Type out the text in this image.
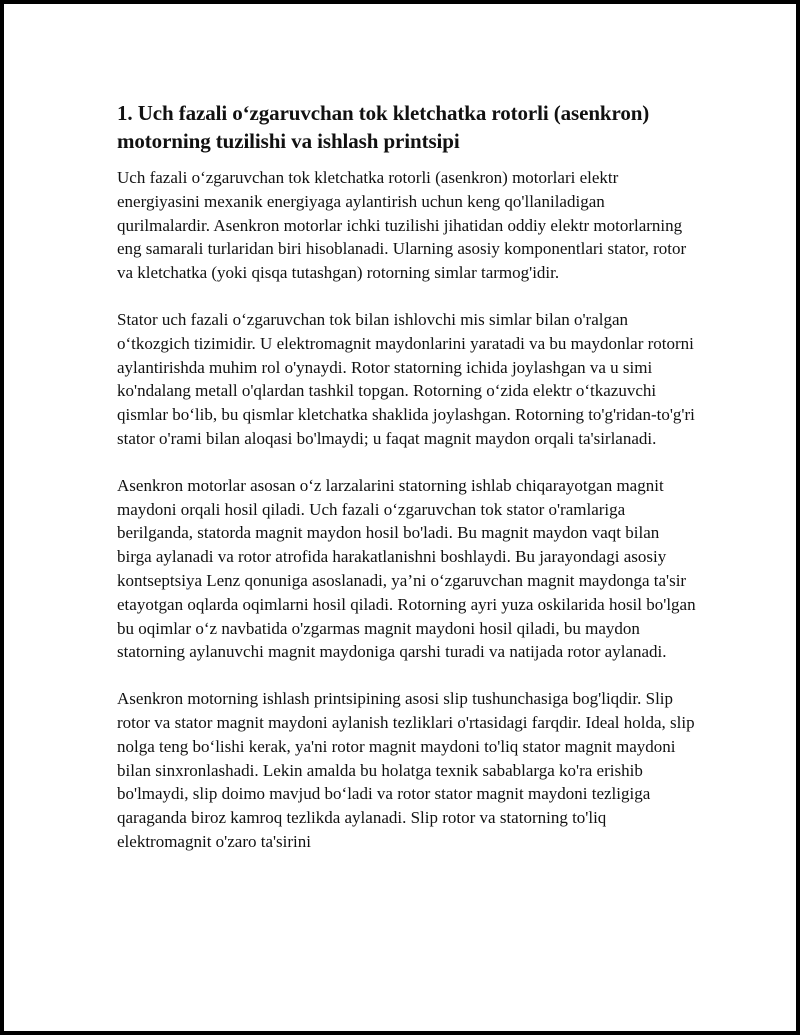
1. Uch fazali o‘zgaruvchan tok kletchatka rotorli (asenkron) motorning tuzilishi va ishlash printsipi

Uch fazali o‘zgaruvchan tok kletchatka rotorli (asenkron) motorlari elektr energiyasini mexanik energiyaga aylantirish uchun keng qo'llaniladigan qurilmalardir. Asenkron motorlar ichki tuzilishi jihatidan oddiy elektr motorlarning eng samarali turlaridan biri hisoblanadi. Ularning asosiy komponentlari stator, rotor va kletchatka (yoki qisqa tutashgan) rotorning simlar tarmog'idir.

Stator uch fazali o‘zgaruvchan tok bilan ishlovchi mis simlar bilan o'ralgan o‘tkozgich tizimidir. U elektromagnit maydonlarini yaratadi va bu maydonlar rotorni aylantirishda muhim rol o'ynaydi. Rotor statorning ichida joylashgan va u simi ko'ndalang metall o'qlardan tashkil topgan. Rotorning o‘zida elektr o‘tkazuvchi qismlar bo‘lib, bu qismlar kletchatka shaklida joylashgan. Rotorning to'g'ridan-to'g'ri stator o'rami bilan aloqasi bo'lmaydi; u faqat magnit maydon orqali ta'sirlanadi.

Asenkron motorlar asosan o‘z larzalarini statorning ishlab chiqarayotgan magnit maydoni orqali hosil qiladi. Uch fazali o‘zgaruvchan tok stator o'ramlariga berilganda, statorda magnit maydon hosil bo'ladi. Bu magnit maydon vaqt bilan birga aylanadi va rotor atrofida harakatlanishni boshlaydi. Bu jarayondagi asosiy kontseptsiya Lenz qonuniga asoslanadi, ya’ni o‘zgaruvchan magnit maydonga ta'sir etayotgan oqlarda oqimlarni hosil qiladi. Rotorning ayri yuza oskilarida hosil bo'lgan bu oqimlar o‘z navbatida o'zgarmas magnit maydoni hosil qiladi, bu maydon statorning aylanuvchi magnit maydoniga qarshi turadi va natijada rotor aylanadi.

Asenkron motorning ishlash printsipining asosi slip tushunchasiga bog'liqdir. Slip rotor va stator magnit maydoni aylanish tezliklari o'rtasidagi farqdir. Ideal holda, slip nolga teng bo‘lishi kerak, ya'ni rotor magnit maydoni to'liq stator magnit maydoni bilan sinxronlashadi. Lekin amalda bu holatga texnik sabablarga ko'ra erishib bo'lmaydi, slip doimo mavjud bo‘ladi va rotor stator magnit maydoni tezligiga qaraganda biroz kamroq tezlikda aylanadi. Slip rotor va statorning to'liq elektromagnit o'zaro ta'sirini
